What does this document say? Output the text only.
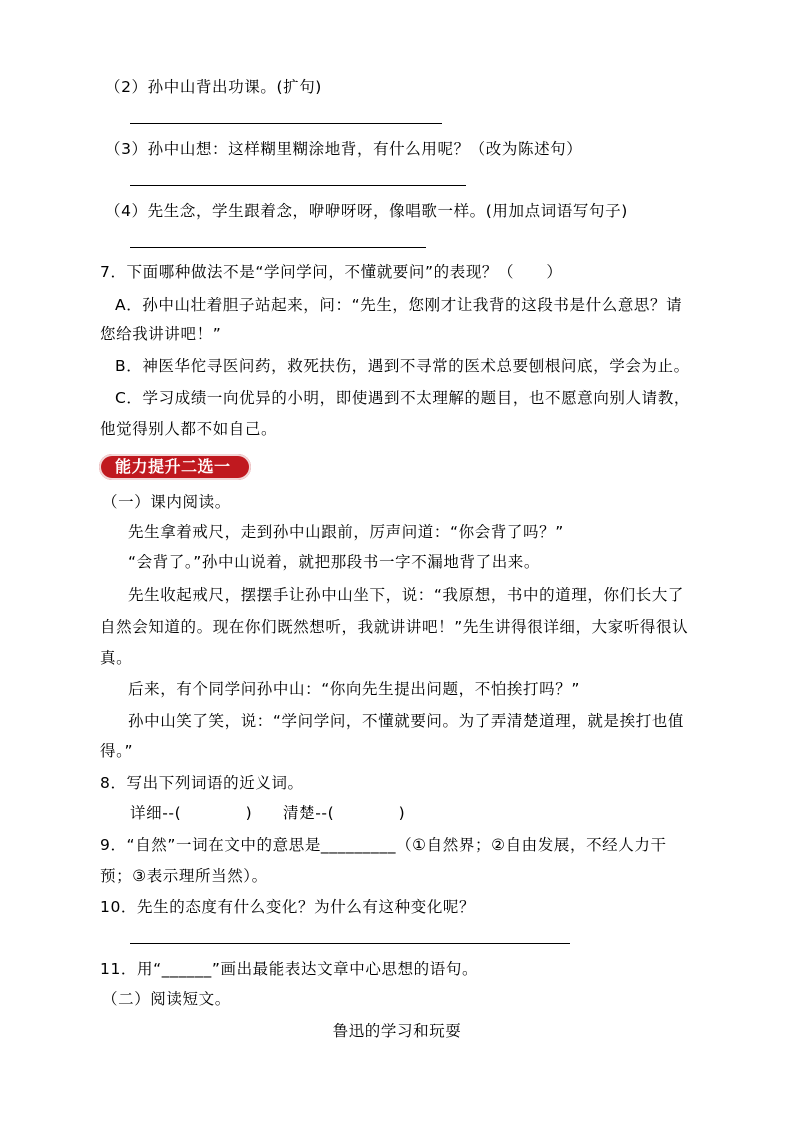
（2）孙中山背出功课。(扩句)
（3）孙中山想：这样糊里糊涂地背，有什么用呢？（改为陈述句）
（4）先生念，学生跟着念，咿咿呀呀，像唱歌一样。(用加点词语写句子)
7．下面哪种做法不是“学问学问，不懂就要问”的表现？（　　）
A．孙中山壮着胆子站起来，问：“先生，您刚才让我背的这段书是什么意思？请
您给我讲讲吧！”
B．神医华佗寻医问药，救死扶伤，遇到不寻常的医术总要刨根问底，学会为止。
C．学习成绩一向优异的小明，即使遇到不太理解的题目，也不愿意向别人请教，
他觉得别人都不如自己。
能力提升二选一
（一）课内阅读。
先生拿着戒尺，走到孙中山跟前，厉声问道：“你会背了吗？”
“会背了。”孙中山说着，就把那段书一字不漏地背了出来。
先生收起戒尺，摆摆手让孙中山坐下，说：“我原想，书中的道理，你们长大了
自然会知道的。现在你们既然想听，我就讲讲吧！”先生讲得很详细，大家听得很认
真。
后来，有个同学问孙中山：“你向先生提出问题，不怕挨打吗？”
孙中山笑了笑，说：“学问学问，不懂就要问。为了弄清楚道理，就是挨打也值
得。”
8．写出下列词语的近义词。
详细--(　　　　) 清楚--(　　　　)
9．“自然”一词在文中的意思是_________（①自然界；②自由发展，不经人力干
预；③表示理所当然）。
10．先生的态度有什么变化？为什么有这种变化呢？
11．用“______”画出最能表达文章中心思想的语句。
（二）阅读短文。
鲁迅的学习和玩耍
